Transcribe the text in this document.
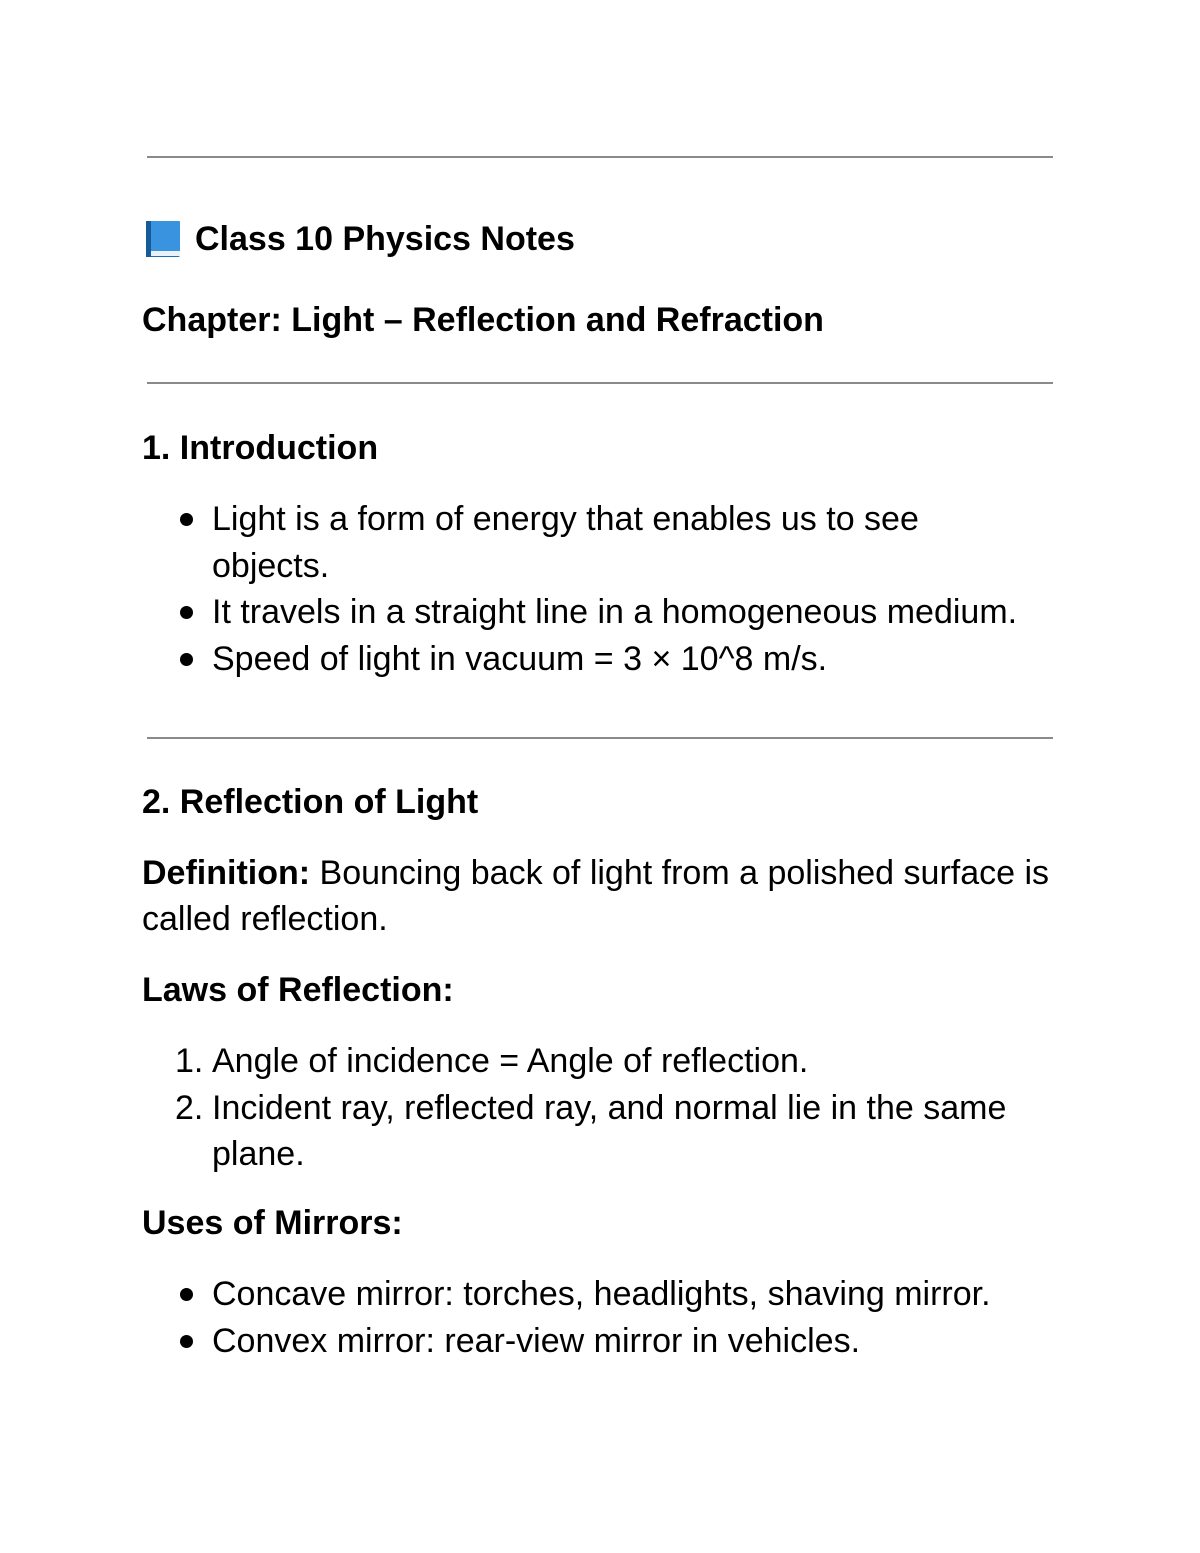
Class 10 Physics Notes
Chapter: Light – Reflection and Refraction
1. Introduction
Light is a form of energy that enables us to see objects.
It travels in a straight line in a homogeneous medium.
Speed of light in vacuum = 3 × 10^8 m/s.
2. Reflection of Light
Definition: Bouncing back of light from a polished surface is called reflection.
Laws of Reflection:
1. Angle of incidence = Angle of reflection.
2. Incident ray, reflected ray, and normal lie in the same plane.
Uses of Mirrors:
Concave mirror: torches, headlights, shaving mirror.
Convex mirror: rear-view mirror in vehicles.
